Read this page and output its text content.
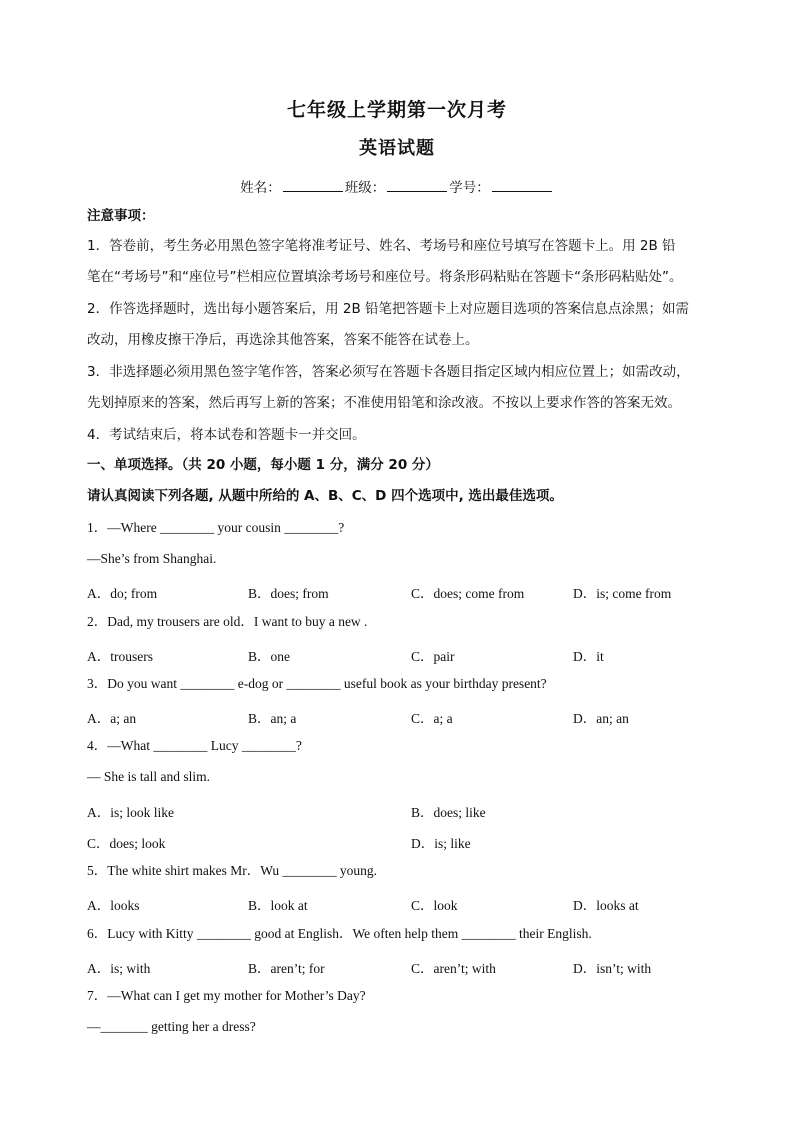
七年级上学期第一次月考
英语试题
姓名：	班级：	学号：
注意事项：
1．答卷前，考生务必用黑色签字笔将准考证号、姓名、考场号和座位号填写在答题卡上。用 2B 铅
笔在“考场号”和“座位号”栏相应位置填涂考场号和座位号。将条形码粘贴在答题卡“条形码粘贴处”。
2．作答选择题时，选出每小题答案后，用 2B 铅笔把答题卡上对应题目选项的答案信息点涂黑；如需
改动，用橡皮擦干净后，再选涂其他答案，答案不能答在试卷上。
3．非选择题必须用黑色签字笔作答，答案必须写在答题卡各题目指定区域内相应位置上；如需改动，
先划掉原来的答案，然后再写上新的答案；不准使用铅笔和涂改液。不按以上要求作答的答案无效。
4．考试结束后，将本试卷和答题卡一并交回。
一、单项选择。（共 20 小题，每小题 1 分，满分 20 分）
请认真阅读下列各题, 从题中所给的 A、B、C、D 四个选项中, 选出最佳选项。
1．—Where ________ your cousin ________?
—She’s from Shanghai.
A．do; from	B．does; from	C．does; come from	D．is; come from
2．Dad, my trousers are old．I want to buy a new .
A．trousers	B．one	C．pair	D．it
3．Do you want ________ e-dog or ________ useful book as your birthday present?
A．a; an	B．an; a	C．a; a	D．an; an
4．—What ________ Lucy ________?
— She is tall and slim.
A．is; look like	B．does; like
C．does; look	D．is; like
5．The white shirt makes Mr．Wu ________ young.
A．looks	B．look at	C．look	D．looks at
6．Lucy with Kitty ________ good at English．We often help them ________ their English.
A．is; with	B．aren’t; for	C．aren’t; with	D．isn’t; with
7．—What can I get my mother for Mother’s Day?
—_______ getting her a dress?
